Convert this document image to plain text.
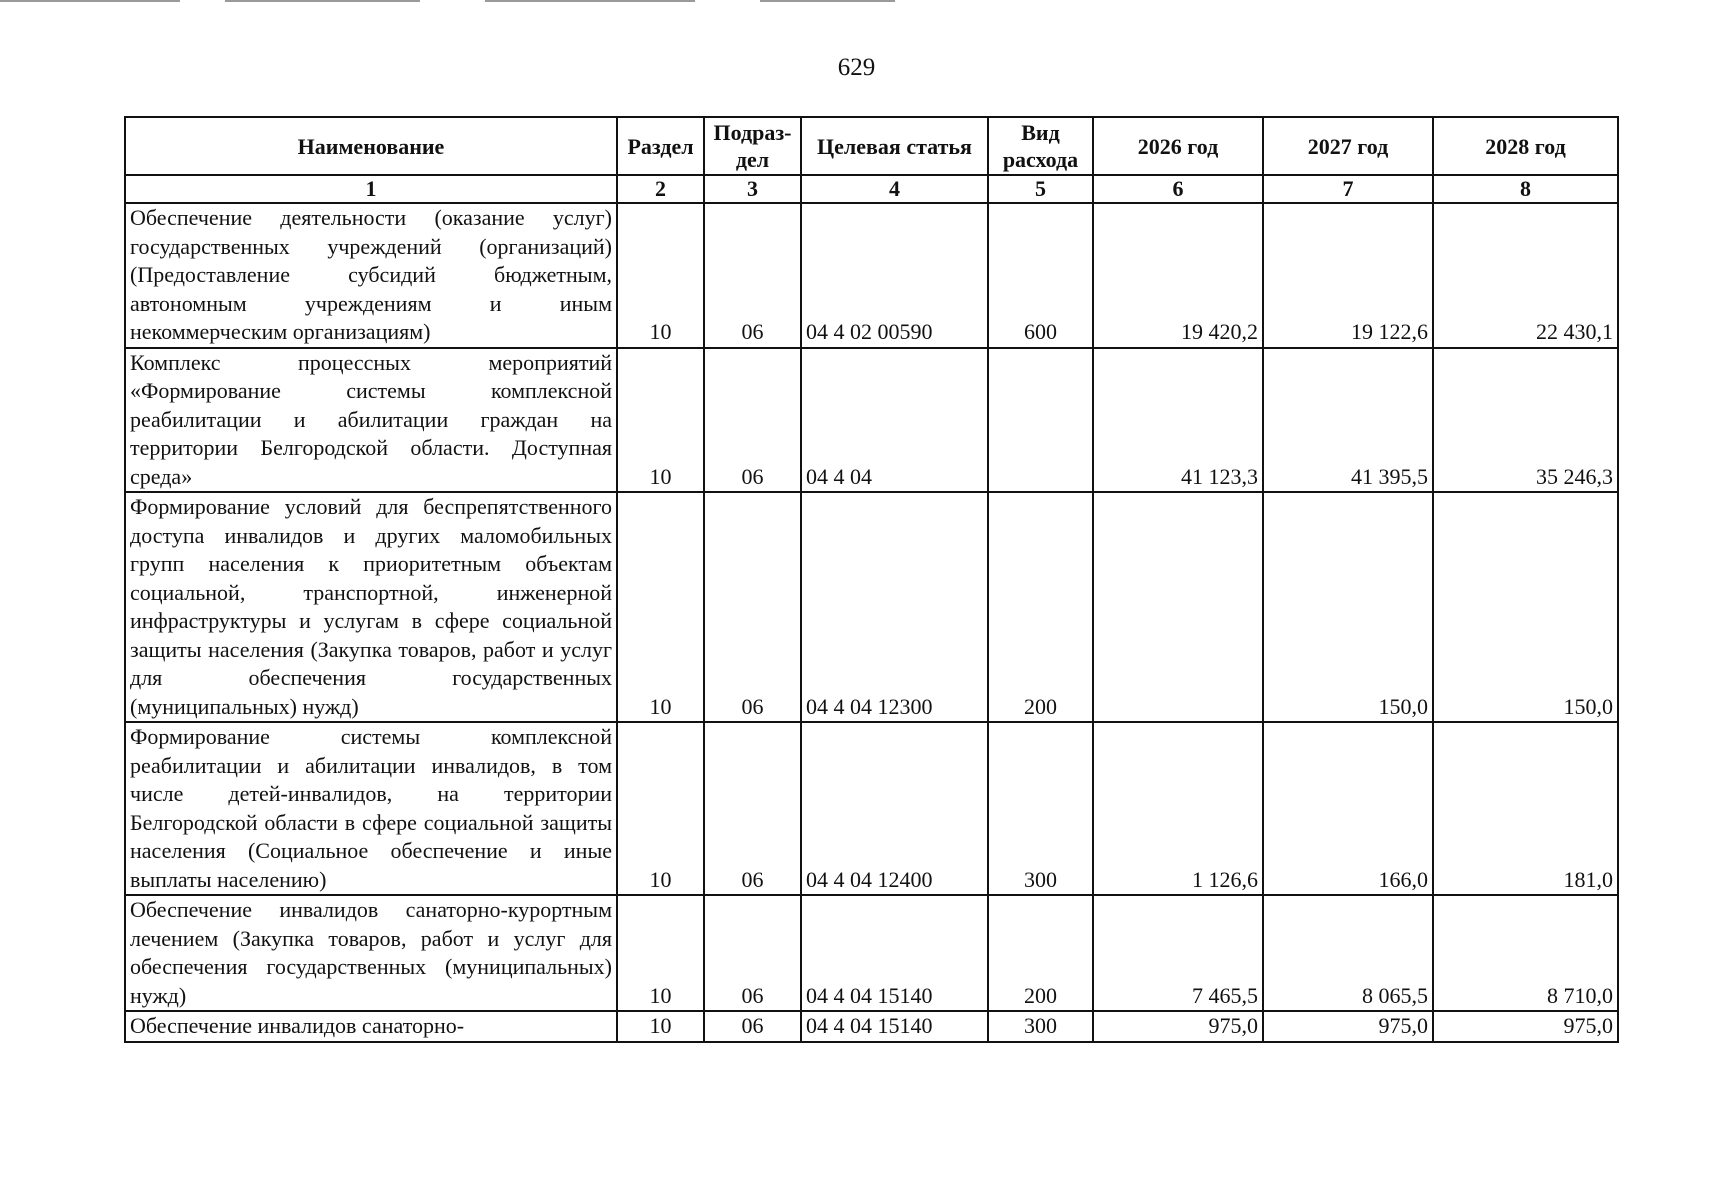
629
Наименование	Раздел	Подраз-дел	Целевая статья	Вид расхода	2026 год	2027 год	2028 год
1	2	3	4	5	6	7	8
Обеспечение деятельности (оказание услуг) государственных учреждений (организаций) (Предоставление субсидий бюджетным, автономным учреждениям и иным некоммерческим организациям)	10	06	04 4 02 00590	600	19 420,2	19 122,6	22 430,1
Комплекс процессных мероприятий «Формирование системы комплексной реабилитации и абилитации граждан на территории Белгородской области. Доступная среда»	10	06	04 4 04		41 123,3	41 395,5	35 246,3
Формирование условий для беспрепятственного доступа инвалидов и других маломобильных групп населения к приоритетным объектам социальной, транспортной, инженерной инфраструктуры и услугам в сфере социальной защиты населения (Закупка товаров, работ и услуг для обеспечения государственных (муниципальных) нужд)	10	06	04 4 04 12300	200		150,0	150,0
Формирование системы комплексной реабилитации и абилитации инвалидов, в том числе детей-инвалидов, на территории Белгородской области в сфере социальной защиты населения (Социальное обеспечение и иные выплаты населению)	10	06	04 4 04 12400	300	1 126,6	166,0	181,0
Обеспечение инвалидов санаторно-курортным лечением (Закупка товаров, работ и услуг для обеспечения государственных (муниципальных) нужд)	10	06	04 4 04 15140	200	7 465,5	8 065,5	8 710,0
Обеспечение инвалидов санаторно-	10	06	04 4 04 15140	300	975,0	975,0	975,0
